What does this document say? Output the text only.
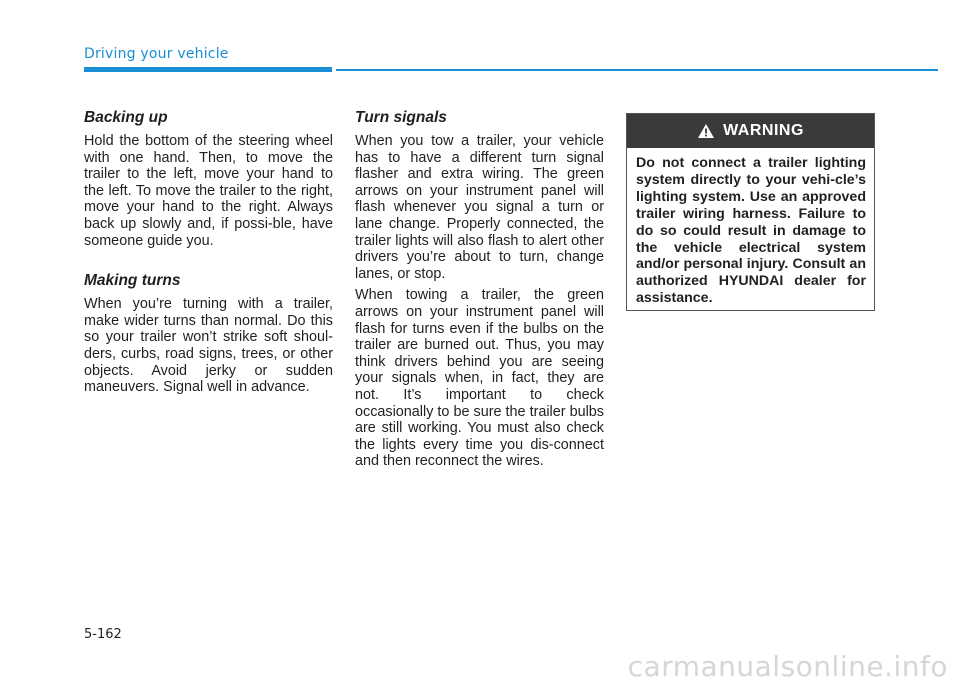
Driving your vehicle
Backing up
Hold the bottom of the steering wheel with one hand. Then, to move the trailer to the left, move your hand to the left. To move the trailer to the right, move your hand to the right. Always back up slowly and, if possi-ble, have someone guide you.
Making turns
When you’re turning with a trailer, make wider turns than normal. Do this so your trailer won’t strike soft shoul-ders, curbs, road signs, trees, or other objects. Avoid jerky or sudden maneuvers. Signal well in advance.
Turn signals
When you tow a trailer, your vehicle has to have a different turn signal flasher and extra wiring. The green arrows on your instrument panel will flash whenever you signal a turn or lane change. Properly connected, the trailer lights will also flash to alert other drivers you’re about to turn, change lanes, or stop.
When towing a trailer, the green arrows on your instrument panel will flash for turns even if the bulbs on the trailer are burned out. Thus, you may think drivers behind you are seeing your signals when, in fact, they are not. It’s important to check occasionally to be sure the trailer bulbs are still working. You must also check the lights every time you dis-connect and then reconnect the wires.
WARNING
Do not connect a trailer lighting system directly to your vehi-cle’s lighting system. Use an approved trailer wiring harness. Failure to do so could result in damage to the vehicle electrical system and/or personal injury. Consult an authorized HYUNDAI dealer for assistance.
5-162
carmanualsonline.info
